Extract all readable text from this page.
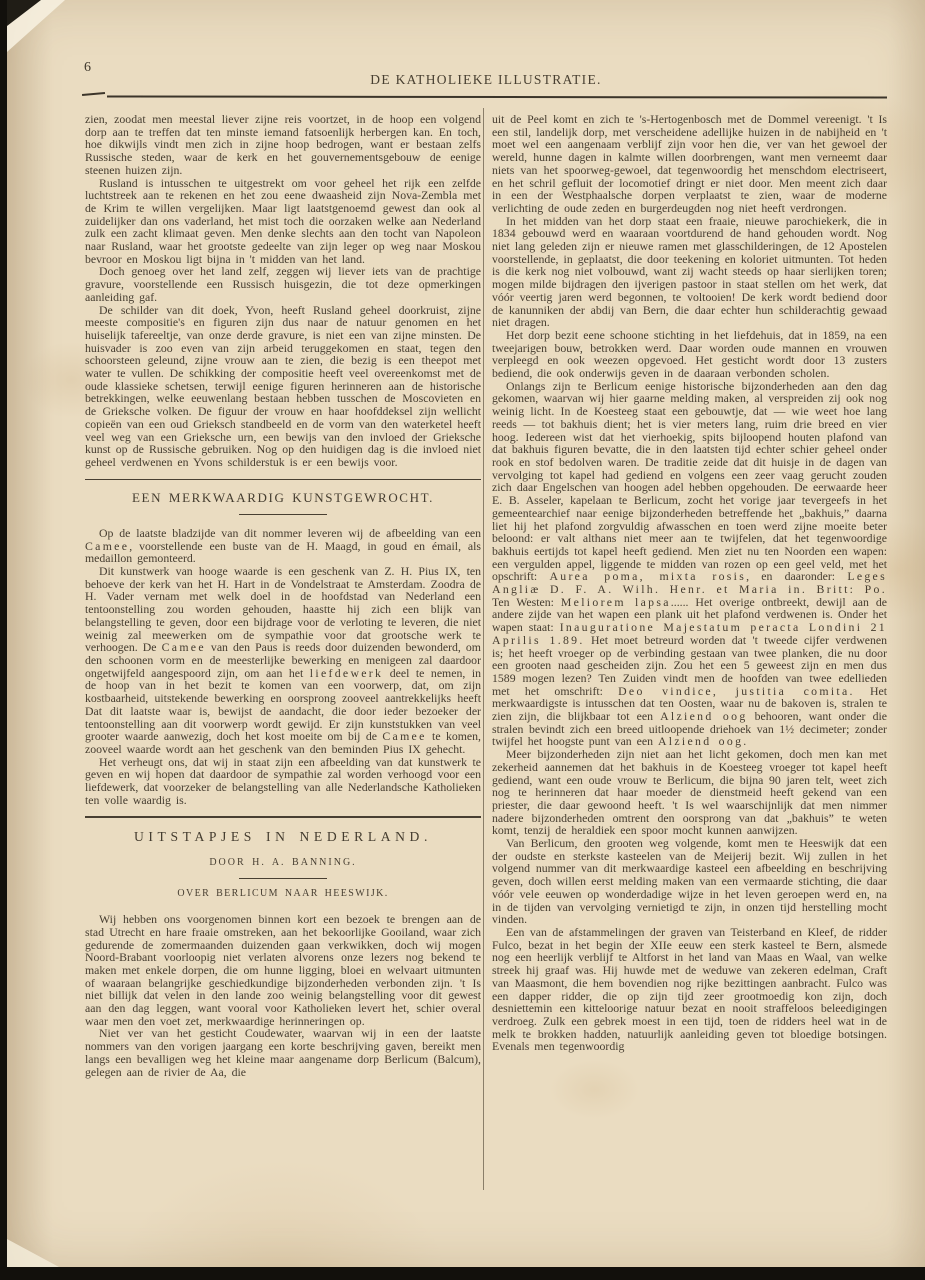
6
DE KATHOLIEKE ILLUSTRATIE.

zien, zoodat men meestal liever zijne reis voortzet, in de hoop een volgend dorp aan te treffen dat ten minste iemand fatsoenlijk herbergen kan. En toch, hoe dikwijls vindt men zich in zijne hoop bedrogen, want er bestaan zelfs Russische steden, waar de kerk en het gouvernementsgebouw de eenige steenen huizen zijn.

Rusland is intusschen te uitgestrekt om voor geheel het rijk een zelfde luchtstreek aan te rekenen en het zou eene dwaasheid zijn Nova-Zembla met de Krim te willen vergelijken. Maar ligt laatstgenoemd gewest dan ook al zuidelijker dan ons vaderland, het mist toch die oorzaken welke aan Nederland zulk een zacht klimaat geven. Men denke slechts aan den tocht van Napoleon naar Rusland, waar het grootste gedeelte van zijn leger op weg naar Moskou bevroor en Moskou ligt bijna in 't midden van het land.

Doch genoeg over het land zelf, zeggen wij liever iets van de prachtige gravure, voorstellende een Russisch huisgezin, die tot deze opmerkingen aanleiding gaf.

De schilder van dit doek, Yvon, heeft Rusland geheel doorkruist, zijne meeste compositie's en figuren zijn dus naar de natuur genomen en het huiselijk tafereeltje, van onze derde gravure, is niet een van zijne minsten. De huisvader is zoo even van zijn arbeid teruggekomen en staat, tegen den schoorsteen geleund, zijne vrouw aan te zien, die bezig is een theepot met water te vullen. De schikking der compositie heeft veel overeenkomst met de oude klassieke schetsen, terwijl eenige figuren herinneren aan de historische betrekkingen, welke eeuwenlang bestaan hebben tusschen de Moscovieten en de Grieksche volken. De figuur der vrouw en haar hoofddeksel zijn wellicht copieën van een oud Grieksch standbeeld en de vorm van den waterketel heeft veel weg van een Grieksche urn, een bewijs van den invloed der Grieksche kunst op de Russische gebruiken. Nog op den huidigen dag is die invloed niet geheel verdwenen en Yvons schilderstuk is er een bewijs voor.

EEN MERKWAARDIG KUNSTGEWROCHT.

Op de laatste bladzijde van dit nommer leveren wij de afbeelding van een Camee, voorstellende een buste van de H. Maagd, in goud en émail, als medaillon gemonteerd.

Dit kunstwerk van hooge waarde is een geschenk van Z. H. Pius IX, ten behoeve der kerk van het H. Hart in de Vondelstraat te Amsterdam. Zoodra de H. Vader vernam met welk doel in de hoofdstad van Nederland een tentoonstelling zou worden gehouden, haastte hij zich een blijk van belangstelling te geven, door een bijdrage voor de verloting te leveren, die niet weinig zal meewerken om de sympathie voor dat grootsche werk te verhoogen. De Camee van den Paus is reeds door duizenden bewonderd, om den schoonen vorm en de meesterlijke bewerking en menigeen zal daardoor ongetwijfeld aangespoord zijn, om aan het liefdewerk deel te nemen, in de hoop van in het bezit te komen van een voorwerp, dat, om zijn kostbaarheid, uitstekende bewerking en oorsprong zooveel aantrekkelijks heeft Dat dit laatste waar is, bewijst de aandacht, die door ieder bezoeker der tentoonstelling aan dit voorwerp wordt gewijd. Er zijn kunststukken van veel grooter waarde aanwezig, doch het kost moeite om bij de Camee te komen, zooveel waarde wordt aan het geschenk van den beminden Pius IX gehecht.

Het verheugt ons, dat wij in staat zijn een afbeelding van dat kunstwerk te geven en wij hopen dat daardoor de sympathie zal worden verhoogd voor een liefdewerk, dat voorzeker de belangstelling van alle Nederlandsche Katholieken ten volle waardig is.

UITSTAPJES IN NEDERLAND.
DOOR H. A. BANNING.
OVER BERLICUM NAAR HEESWIJK.

Wij hebben ons voorgenomen binnen kort een bezoek te brengen aan de stad Utrecht en hare fraaie omstreken, aan het bekoorlijke Gooiland, waar zich gedurende de zomermaanden duizenden gaan verkwikken, doch wij mogen Noord-Brabant voorloopig niet verlaten alvorens onze lezers nog bekend te maken met enkele dorpen, die om hunne ligging, bloei en welvaart uitmunten of waaraan belangrijke geschiedkundige bijzonderheden verbonden zijn. 't Is niet billijk dat velen in den lande zoo weinig belangstelling voor dit gewest aan den dag leggen, want vooral voor Katholieken levert het, schier overal waar men den voet zet, merkwaardige herinneringen op.

Niet ver van het gesticht Coudewater, waarvan wij in een der laatste nommers van den vorigen jaargang een korte beschrijving gaven, bereikt men langs een bevalligen weg het kleine maar aangename dorp Berlicum (Balcum), gelegen aan de rivier de Aa, die

uit de Peel komt en zich te 's-Hertogenbosch met de Dommel vereenigt. 't Is een stil, landelijk dorp, met verscheidene adellijke huizen in de nabijheid en 't moet wel een aangenaam verblijf zijn voor hen die, ver van het gewoel der wereld, hunne dagen in kalmte willen doorbrengen, want men verneemt daar niets van het spoorweg-gewoel, dat tegenwoordig het menschdom electriseert, en het schril gefluit der locomotief dringt er niet door. Men meent zich daar in een der Westphaalsche dorpen verplaatst te zien, waar de moderne verlichting de oude zeden en burgerdeugden nog niet heeft verdrongen.

In het midden van het dorp staat een fraaie, nieuwe parochiekerk, die in 1834 gebouwd werd en waaraan voortdurend de hand gehouden wordt. Nog niet lang geleden zijn er nieuwe ramen met glasschilderingen, de 12 Apostelen voorstellende, in geplaatst, die door teekening en koloriet uitmunten. Tot heden is die kerk nog niet volbouwd, want zij wacht steeds op haar sierlijken toren; mogen milde bijdragen den ijverigen pastoor in staat stellen om het werk, dat vóór veertig jaren werd begonnen, te voltooien! De kerk wordt bediend door de kanunniken der abdij van Bern, die daar echter hun schilderachtig gewaad niet dragen.

Het dorp bezit eene schoone stichting in het liefdehuis, dat in 1859, na een tweejarigen bouw, betrokken werd. Daar worden oude mannen en vrouwen verpleegd en ook weezen opgevoed. Het gesticht wordt door 13 zusters bediend, die ook onderwijs geven in de daaraan verbonden scholen.

Onlangs zijn te Berlicum eenige historische bijzonderheden aan den dag gekomen, waarvan wij hier gaarne melding maken, al verspreiden zij ook nog weinig licht. In de Koesteeg staat een gebouwtje, dat — wie weet hoe lang reeds — tot bakhuis dient; het is vier meters lang, ruim drie breed en vier hoog. Iedereen wist dat het vierhoekig, spits bijloopend houten plafond van dat bakhuis figuren bevatte, die in den laatsten tijd echter schier geheel onder rook en stof bedolven waren. De traditie zeide dat dit huisje in de dagen van vervolging tot kapel had gediend en volgens een zeer vaag gerucht zouden zich daar Engelschen van hoogen adel hebben opgehouden. De eerwaarde heer E. B. Asseler, kapelaan te Berlicum, zocht het vorige jaar tevergeefs in het gemeentearchief naar eenige bijzonderheden betreffende het „bakhuis,” daarna liet hij het plafond zorgvuldig afwasschen en toen werd zijne moeite beter beloond: er valt althans niet meer aan te twijfelen, dat het tegenwoordige bakhuis eertijds tot kapel heeft gediend. Men ziet nu ten Noorden een wapen: een vergulden appel, liggende te midden van rozen op een geel veld, met het opschrift: Aurea poma, mixta rosis, en daaronder: Leges Angliæ D. F. A. Wilh. Henr. et Maria in. Britt: Po. Ten Westen: Meliorem lapsa...... Het overige ontbreekt, dewijl aan de andere zijde van het wapen een plank uit het plafond verdwenen is. Onder het wapen staat: Inauguratione Majestatum peracta Londini 21 Aprilis 1.89. Het moet betreurd worden dat 't tweede cijfer verdwenen is; het heeft vroeger op de verbinding gestaan van twee planken, die nu door een grooten naad gescheiden zijn. Zou het een 5 geweest zijn en men dus 1589 mogen lezen? Ten Zuiden vindt men de hoofden van twee edellieden met het omschrift: Deo vindice, justitia comita. Het merkwaardigste is intusschen dat ten Oosten, waar nu de bakoven is, stralen te zien zijn, die blijkbaar tot een Alziend oog behooren, want onder die stralen bevindt zich een breed uitloopende driehoek van 1½ decimeter; zonder twijfel het hoogste punt van een Alziend oog.

Meer bijzonderheden zijn niet aan het licht gekomen, doch men kan met zekerheid aannemen dat het bakhuis in de Koesteeg vroeger tot kapel heeft gediend, want een oude vrouw te Berlicum, die bijna 90 jaren telt, weet zich nog te herinneren dat haar moeder de dienstmeid heeft gekend van een priester, die daar gewoond heeft. 't Is wel waarschijnlijk dat men nimmer nadere bijzonderheden omtrent den oorsprong van dat „bakhuis” te weten komt, tenzij de heraldiek een spoor mocht kunnen aanwijzen.

Van Berlicum, den grooten weg volgende, komt men te Heeswijk dat een der oudste en sterkste kasteelen van de Meijerij bezit. Wij zullen in het volgend nummer van dit merkwaardige kasteel een afbeelding en beschrijving geven, doch willen eerst melding maken van een vermaarde stichting, die daar vóór vele eeuwen op wonderdadige wijze in het leven geroepen werd en, na in de tijden van vervolging vernietigd te zijn, in onzen tijd herstelling mocht vinden.

Een van de afstammelingen der graven van Teisterband en Kleef, de ridder Fulco, bezat in het begin der XIIe eeuw een sterk kasteel te Bern, alsmede nog een heerlijk verblijf te Altforst in het land van Maas en Waal, van welke streek hij graaf was. Hij huwde met de weduwe van zekeren edelman, Craft van Maasmont, die hem bovendien nog rijke bezittingen aanbracht. Fulco was een dapper ridder, die op zijn tijd zeer grootmoedig kon zijn, doch desniettemin een kitteloorige natuur bezat en nooit straffeloos beleedigingen verdroeg. Zulk een gebrek moest in een tijd, toen de ridders heel wat in de melk te brokken hadden, natuurlijk aanleiding geven tot bloedige botsingen. Evenals men tegenwoordig
